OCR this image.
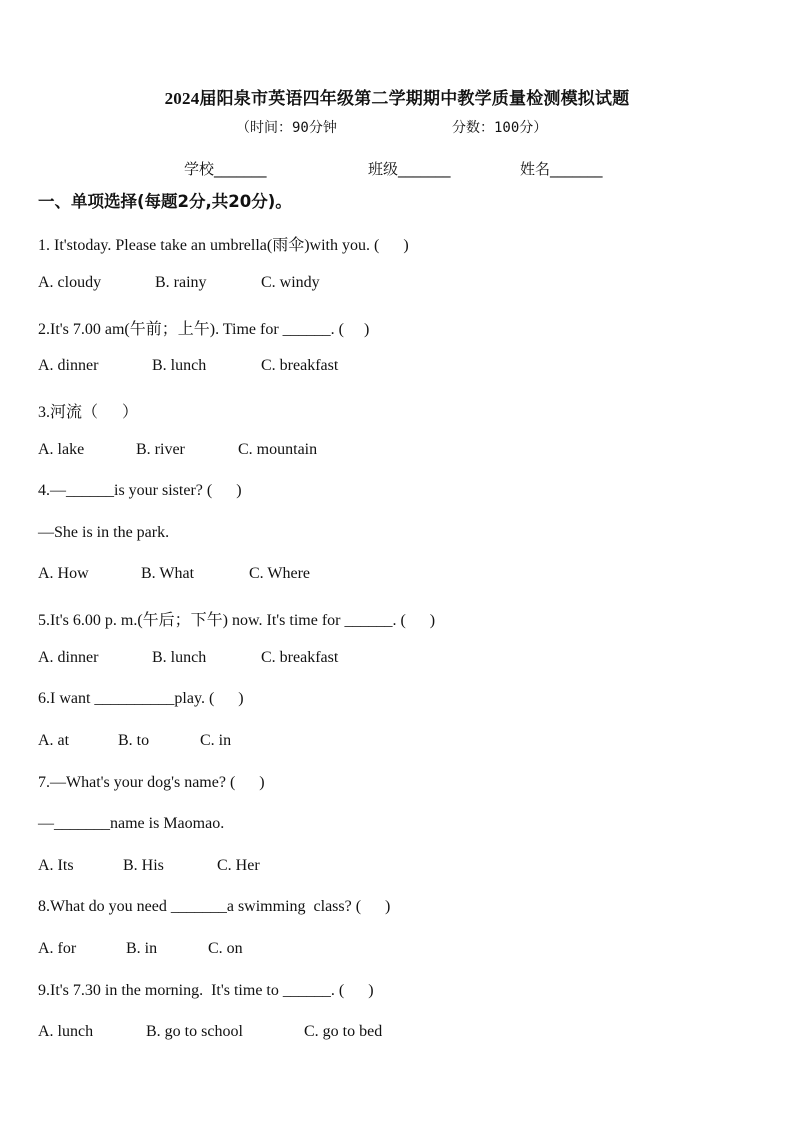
2024届阳泉市英语四年级第二学期期中教学质量检测模拟试题
（时间：90分钟	分数：100分）
学校_______	班级_______	姓名_______
一、单项选择(每题2分,共20分)。
1. It'stoday. Please take an umbrella(雨伞)with you. (      )
A. cloudy	B. rainy	C. windy
2.It's 7.00 am(午前；上午). Time for ______. (     )
A. dinner	B. lunch	C. breakfast
3.河流（      ）
A. lake	B. river	C. mountain
4.—______is your sister? (      )
—She is in the park.
A. How	B. What	C. Where
5.It's 6.00 p. m.(午后；下午) now. It's time for ______. (      )
A. dinner	B. lunch	C. breakfast
6.I want __________play. (      )
A. at	B. to	C. in
7.—What's your dog's name? (      )
—_______name is Maomao.
A. Its	B. His	C. Her
8.What do you need _______a swimming  class? (      )
A. for	B. in	C. on
9.It's 7.30 in the morning.  It's time to ______. (      )
A. lunch	B. go to school	C. go to bed
